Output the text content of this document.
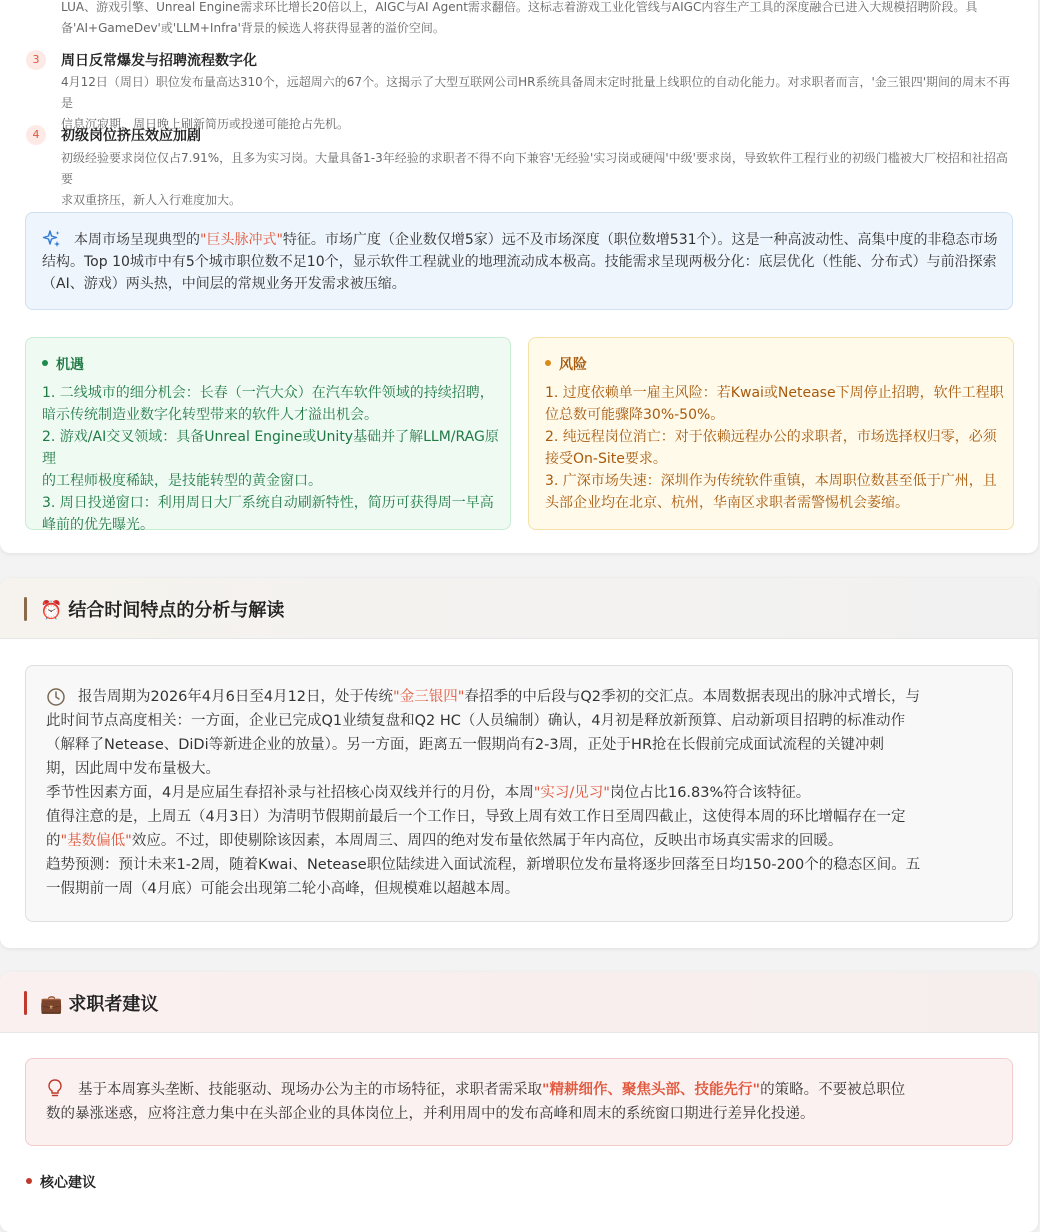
LUA、游戏引擎、Unreal Engine需求环比增长20倍以上，AIGC与AI Agent需求翻倍。这标志着游戏工业化管线与AIGC内容生产工具的深度融合已进入大规模招聘阶段。具
备'AI+GameDev'或'LLM+Infra'背景的候选人将获得显著的溢价空间。
3	周日反常爆发与招聘流程数字化
4月12日（周日）职位发布量高达310个，远超周六的67个。这揭示了大型互联网公司HR系统具备周末定时批量上线职位的自动化能力。对求职者而言，'金三银四'期间的周末不再是
信息沉寂期，周日晚上刷新简历或投递可能抢占先机。
4	初级岗位挤压效应加剧
初级经验要求岗位仅占7.91%，且多为实习岗。大量具备1-3年经验的求职者不得不向下兼容'无经验'实习岗或硬闯'中级'要求岗，导致软件工程行业的初级门槛被大厂校招和社招高要
求双重挤压，新人入行难度加大。
本周市场呈现典型的"巨头脉冲式"特征。市场广度（企业数仅增5家）远不及市场深度（职位数增531个）。这是一种高波动性、高集中度的非稳态市场
结构。Top 10城市中有5个城市职位数不足10个，显示软件工程就业的地理流动成本极高。技能需求呈现两极分化：底层优化（性能、分布式）与前沿探索
（AI、游戏）两头热，中间层的常规业务开发需求被压缩。
机遇
1. 二线城市的细分机会：长春（一汽大众）在汽车软件领域的持续招聘，
暗示传统制造业数字化转型带来的软件人才溢出机会。
2. 游戏/AI交叉领域：具备Unreal Engine或Unity基础并了解LLM/RAG原理
的工程师极度稀缺，是技能转型的黄金窗口。
3. 周日投递窗口：利用周日大厂系统自动刷新特性，简历可获得周一早高
峰前的优先曝光。
风险
1. 过度依赖单一雇主风险：若Kwai或Netease下周停止招聘，软件工程职
位总数可能骤降30%-50%。
2. 纯远程岗位消亡：对于依赖远程办公的求职者，市场选择权归零，必须
接受On-Site要求。
3. 广深市场失速：深圳作为传统软件重镇，本周职位数甚至低于广州，且
头部企业均在北京、杭州，华南区求职者需警惕机会萎缩。
⏰ 结合时间特点的分析与解读
报告周期为2026年4月6日至4月12日，处于传统"金三银四"春招季的中后段与Q2季初的交汇点。本周数据表现出的脉冲式增长，与
此时间节点高度相关：一方面，企业已完成Q1业绩复盘和Q2 HC（人员编制）确认，4月初是释放新预算、启动新项目招聘的标准动作
（解释了Netease、DiDi等新进企业的放量）。另一方面，距离五一假期尚有2-3周，正处于HR抢在长假前完成面试流程的关键冲刺
期，因此周中发布量极大。
季节性因素方面，4月是应届生春招补录与社招核心岗双线并行的月份，本周"实习/见习"岗位占比16.83%符合该特征。
值得注意的是，上周五（4月3日）为清明节假期前最后一个工作日，导致上周有效工作日至周四截止，这使得本周的环比增幅存在一定
的"基数偏低"效应。不过，即使剔除该因素，本周周三、周四的绝对发布量依然属于年内高位，反映出市场真实需求的回暖。
趋势预测：预计未来1-2周，随着Kwai、Netease职位陆续进入面试流程，新增职位发布量将逐步回落至日均150-200个的稳态区间。五
一假期前一周（4月底）可能会出现第二轮小高峰，但规模难以超越本周。
💼 求职者建议
基于本周寡头垄断、技能驱动、现场办公为主的市场特征，求职者需采取"精耕细作、聚焦头部、技能先行"的策略。不要被总职位
数的暴涨迷惑，应将注意力集中在头部企业的具体岗位上，并利用周中的发布高峰和周末的系统窗口期进行差异化投递。
核心建议
